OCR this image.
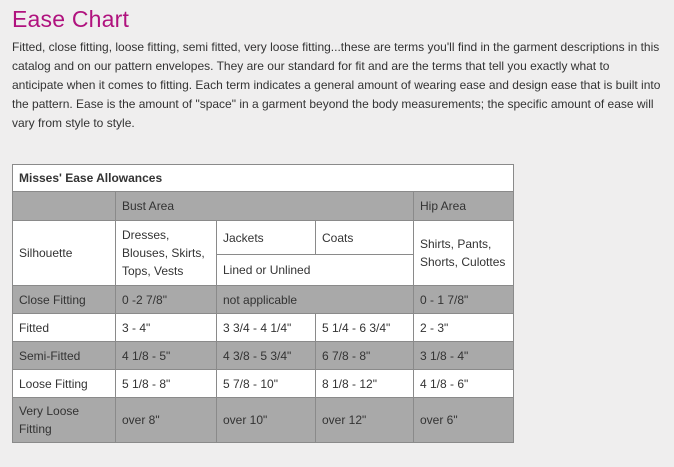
Ease Chart

Fitted, close fitting, loose fitting, semi fitted, very loose fitting...these are terms you'll find in the garment descriptions in this catalog and on our pattern envelopes. They are our standard for fit and are the terms that tell you exactly what to anticipate when it comes to fitting. Each term indicates a general amount of wearing ease and design ease that is built into the pattern. Ease is the amount of "space" in a garment beyond the body measurements; the specific amount of ease will vary from style to style.

Misses' Ease Allowances				
	Bust Area			Hip Area
Silhouette	Dresses, Blouses, Skirts, Tops, Vests	Jackets	Coats	Shirts, Pants, Shorts, Culottes
		Lined or Unlined		
Close Fitting	0 -2 7/8"	not applicable		0 - 1 7/8"
Fitted	3 - 4"	3 3/4 - 4 1/4"	5 1/4 - 6 3/4"	2 - 3"
Semi-Fitted	4 1/8 - 5"	4 3/8 - 5 3/4"	6 7/8 - 8"	3 1/8 - 4"
Loose Fitting	5 1/8 - 8"	5 7/8 - 10"	8 1/8 - 12"	4 1/8 - 6"
Very Loose Fitting	over 8"	over 10"	over 12"	over 6"
